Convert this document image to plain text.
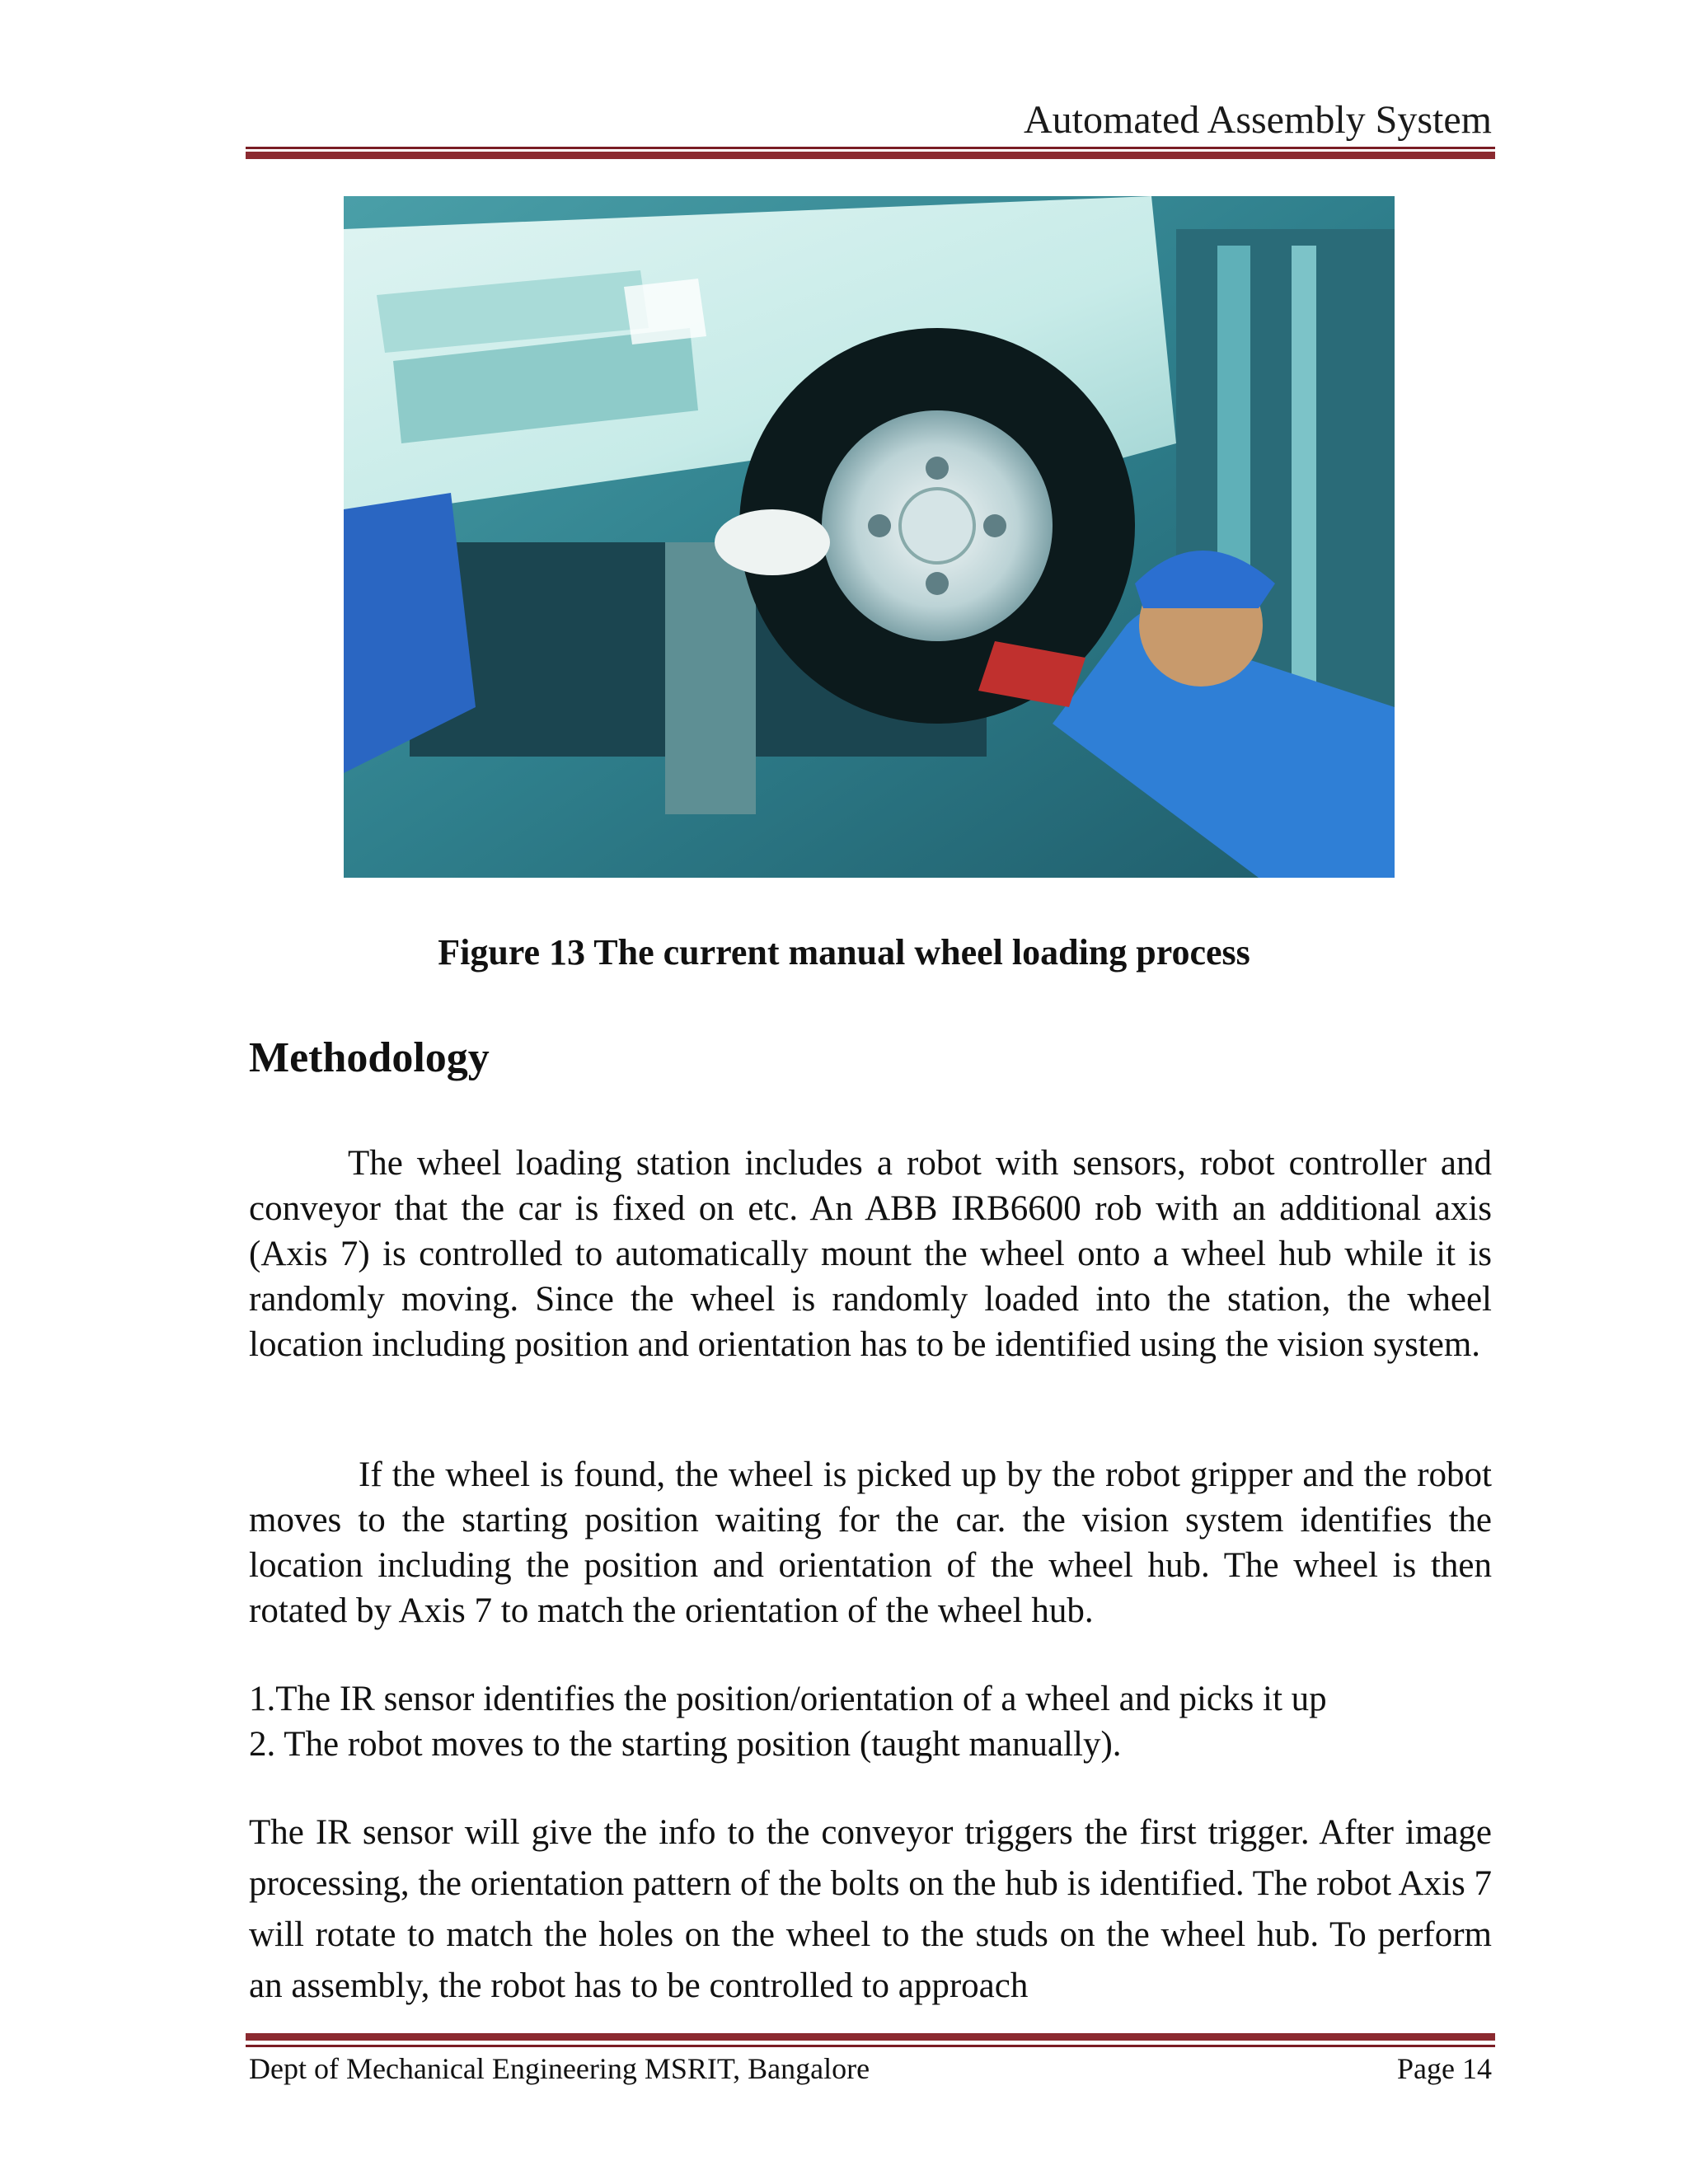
Automated Assembly System
Figure 13 The current manual wheel loading process
Methodology

The wheel loading station includes a robot with sensors, robot controller and conveyor that the car is fixed on etc. An ABB IRB6600 rob with an additional axis (Axis 7) is controlled to automatically mount the wheel onto a wheel hub while it is randomly moving. Since the wheel is randomly loaded into the station, the wheel location including position and orientation has to be identified using the vision system.

If the wheel is found, the wheel is picked up by the robot gripper and the robot moves to the starting position waiting for the car. the vision system identifies the location including the position and orientation of the wheel hub. The wheel is then rotated by Axis 7 to match the orientation of the wheel hub.

1.The IR sensor identifies the position/orientation of a wheel and picks it up
2. The robot moves to the starting position (taught manually).

The IR sensor will give the info to the conveyor triggers the first trigger. After image processing, the orientation pattern of the bolts on the hub is identified. The robot Axis 7 will rotate to match the holes on the wheel to the studs on the wheel hub. To perform an assembly, the robot has to be controlled to approach

Dept of Mechanical Engineering MSRIT, Bangalore	Page 14
